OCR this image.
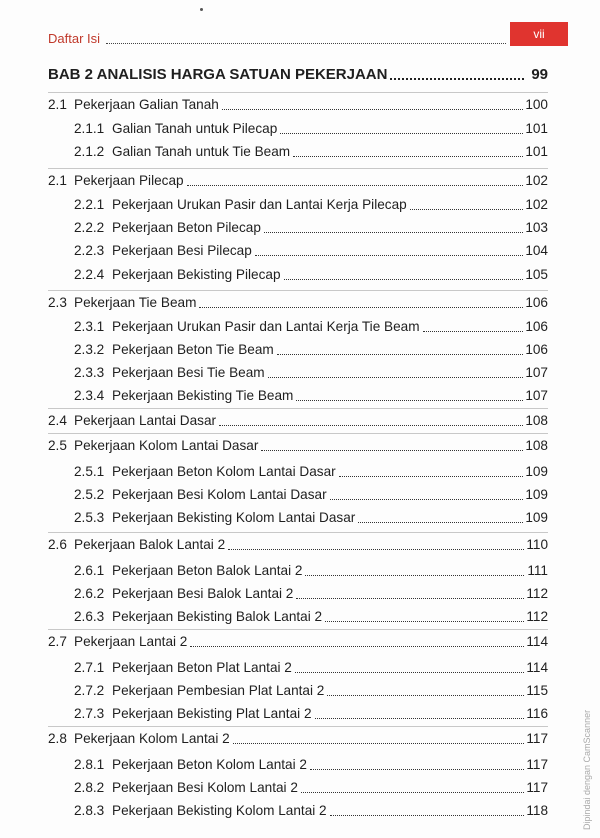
Daftar Isi	vii
BAB 2 ANALISIS HARGA SATUAN PEKERJAAN	99
2.1 Pekerjaan Galian Tanah	100
2.1.1 Galian Tanah untuk Pilecap	101
2.1.2 Galian Tanah untuk Tie Beam	101
2.1 Pekerjaan Pilecap	102
2.2.1 Pekerjaan Urukan Pasir dan Lantai Kerja Pilecap	102
2.2.2 Pekerjaan Beton Pilecap	103
2.2.3 Pekerjaan Besi Pilecap	104
2.2.4 Pekerjaan Bekisting Pilecap	105
2.3 Pekerjaan Tie Beam	106
2.3.1 Pekerjaan Urukan Pasir dan Lantai Kerja Tie Beam	106
2.3.2 Pekerjaan Beton Tie Beam	106
2.3.3 Pekerjaan Besi Tie Beam	107
2.3.4 Pekerjaan Bekisting Tie Beam	107
2.4 Pekerjaan Lantai Dasar	108
2.5 Pekerjaan Kolom Lantai Dasar	108
2.5.1 Pekerjaan Beton Kolom Lantai Dasar	109
2.5.2 Pekerjaan Besi Kolom Lantai Dasar	109
2.5.3 Pekerjaan Bekisting Kolom Lantai Dasar	109
2.6 Pekerjaan Balok Lantai 2	110
2.6.1 Pekerjaan Beton Balok Lantai 2	111
2.6.2 Pekerjaan Besi Balok Lantai 2	112
2.6.3 Pekerjaan Bekisting Balok Lantai 2	112
2.7 Pekerjaan Lantai 2	114
2.7.1 Pekerjaan Beton Plat Lantai 2	114
2.7.2 Pekerjaan Pembesian Plat Lantai 2	115
2.7.3 Pekerjaan Bekisting Plat Lantai 2	116
2.8 Pekerjaan Kolom Lantai 2	117
2.8.1 Pekerjaan Beton Kolom Lantai 2	117
2.8.2 Pekerjaan Besi Kolom Lantai 2	117
2.8.3 Pekerjaan Bekisting Kolom Lantai 2	118	Dipindai dengan CamScanner
